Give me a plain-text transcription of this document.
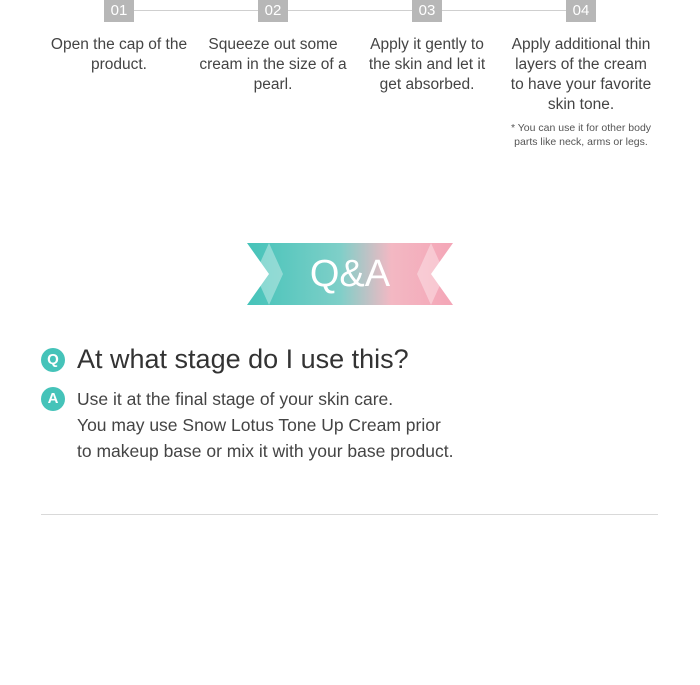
01
Open the cap of the product.
02
Squeeze out some cream in the size of a pearl.
03
Apply it gently to the skin and let it get absorbed.
04
Apply additional thin layers of the cream to have your favorite skin tone.
* You can use it for other body parts like neck, arms or legs.
Q&A
Q At what stage do I use this?
A	Use it at the final stage of your skin care.
You may use Snow Lotus Tone Up Cream prior
to makeup base or mix it with your base product.
